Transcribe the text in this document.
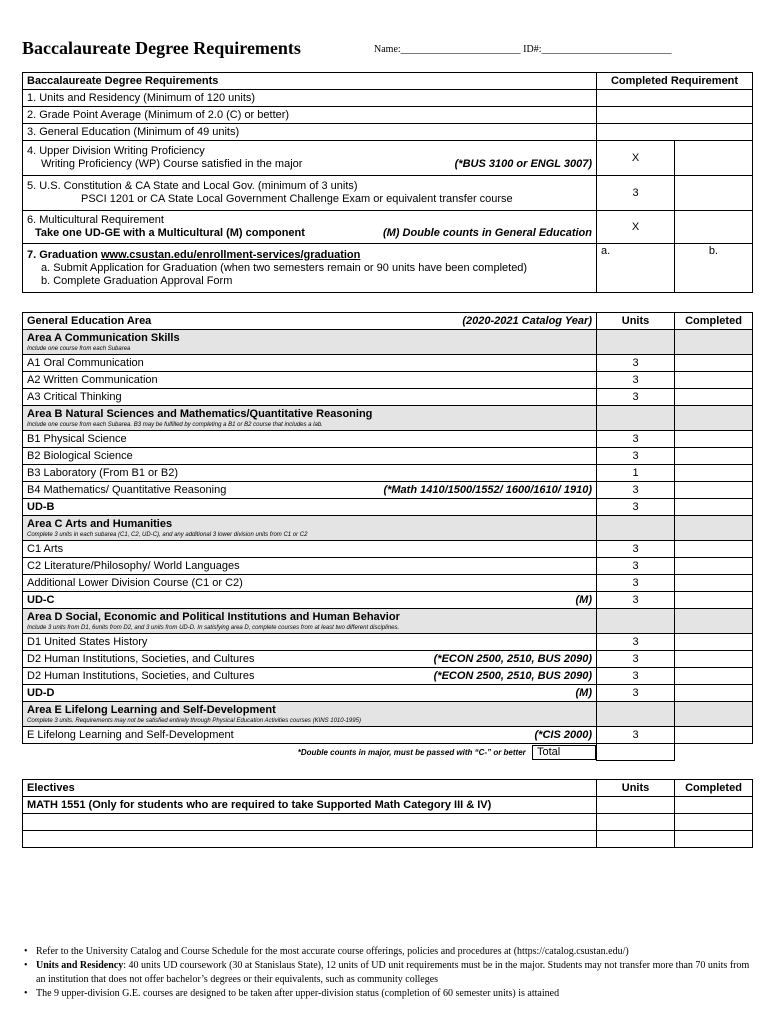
Baccalaureate Degree Requirements	Name:________________________ ID#:__________________________
Baccalaureate Degree Requirements	Completed Requirement	
1. Units and Residency (Minimum of 120 units)		
2. Grade Point Average (Minimum of 2.0 (C) or better)		
3. General Education (Minimum of 49 units)		

4. Upper Division Writing Proficiency
Writing Proficiency (WP) Course satisfied in the major (*BUS 3100 or ENGL 3007)	X	

5. U.S. Constitution & CA State and Local Gov. (minimum of 3 units)
PSCI 1201 or CA State Local Government Challenge Exam or equivalent transfer course	3	

6. Multicultural Requirement
Take one UD-GE with a Multicultural (M) component (M) Double counts in General Education	X	

7. Graduation www.csustan.edu/enrollment-services/graduation
a. Submit Application for Graduation (when two semesters remain or 90 units have been completed)
b. Complete Graduation Approval Form	a.	b.
General Education Area (2020-2021 Catalog Year)	Units	Completed

Area A Communication Skills
Include one course from each Subarea		

A1 Oral Communication	3	
A2 Written Communication	3	
A3 Critical Thinking	3	

Area B Natural Sciences and Mathematics/Quantitative Reasoning
Include one course from each Subarea. B3 may be fulfilled by completing a B1 or B2 course that includes a lab.		

B1 Physical Science	3	
B2 Biological Science	3	
B3 Laboratory (From B1 or B2)	1	

B4 Mathematics/ Quantitative Reasoning (*Math 1410/1500/1552/ 1600/1610/ 1910)	3	
UD-B	3	

Area C Arts and Humanities
Complete 3 units in each subarea (C1, C2, UD-C), and any additional 3 lower division units from C1 or C2		

C1 Arts	3	
C2 Literature/Philosophy/ World Languages	3	
Additional Lower Division Course (C1 or C2)	3	

UD-C (M)	3	

Area D Social, Economic and Political Institutions and Human Behavior
Include 3 units from D1, 6units from D2, and 3 units from UD-D. In satisfying area D, complete courses from at least two different disciplines.		

D1 United States History	3	

D2 Human Institutions, Societies, and Cultures (*ECON 2500, 2510, BUS 2090)	3	

D2 Human Institutions, Societies, and Cultures (*ECON 2500, 2510, BUS 2090)	3	

UD-D (M)	3	

Area E Lifelong Learning and Self-Development
Complete 3 units. Requirements may not be satisfied entirely through Physical Education Activities courses (KINS 1010-1995)		

E Lifelong Learning and Self-Development (*CIS 2000)	3	
*Double counts in major, must be passed with “C-” or better Total		
Electives	Units	Completed
MATH 1551 (Only for students who are required to take Supported Math Category III & IV)		

• Refer to the University Catalog and Course Schedule for the most accurate course offerings, policies and procedures at (https://catalog.csustan.edu/)
• Units and Residency: 40 units UD coursework (30 at Stanislaus State), 12 units of UD unit requirements must be in the major. Students may not transfer more than 70 units from an institution that does not offer bachelor’s degrees or their equivalents, such as community colleges
• The 9 upper-division G.E. courses are designed to be taken after upper-division status (completion of 60 semester units) is attained
